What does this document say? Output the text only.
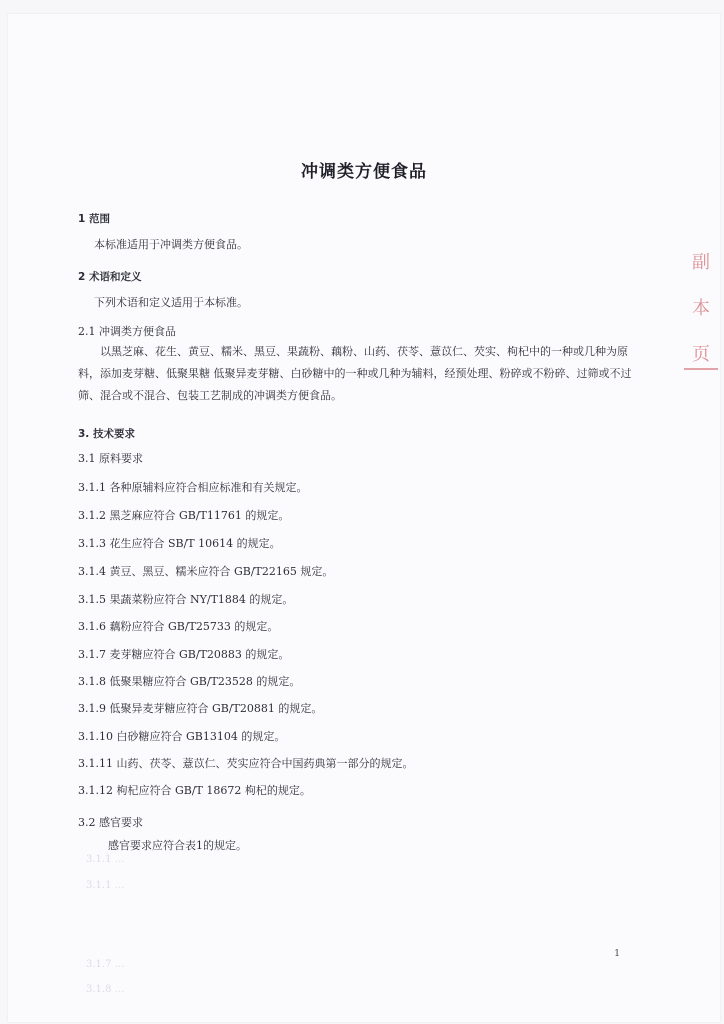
冲调类方便食品
1 范围
本标准适用于冲调类方便食品。
2 术语和定义
下列术语和定义适用于本标准。
2.1 冲调类方便食品
以黑芝麻、花生、黄豆、糯米、黑豆、果蔬粉、藕粉、山药、茯苓、薏苡仁、芡实、枸杞中的一种或几种为原料，添加麦芽糖、低聚果糖 低聚异麦芽糖、白砂糖中的一种或几种为辅料，经预处理、粉碎或不粉碎、过筛或不过筛、混合或不混合、包装工艺制成的冲调类方便食品。
3. 技术要求
3.1 原料要求
3.1.1 各种原辅料应符合相应标准和有关规定。
3.1.2 黑芝麻应符合 GB/T11761 的规定。
3.1.3 花生应符合 SB/T 10614 的规定。
3.1.4 黄豆、黑豆、糯米应符合 GB/T22165 规定。
3.1.5 果蔬菜粉应符合 NY/T1884 的规定。
3.1.6 藕粉应符合 GB/T25733 的规定。
3.1.7 麦芽糖应符合 GB/T20883 的规定。
3.1.8 低聚果糖应符合 GB/T23528 的规定。
3.1.9 低聚异麦芽糖应符合 GB/T20881 的规定。
3.1.10 白砂糖应符合 GB13104 的规定。
3.1.11 山药、茯苓、薏苡仁、芡实应符合中国药典第一部分的规定。
3.1.12 枸杞应符合 GB/T 18672 枸杞的规定。
3.2 感官要求
感官要求应符合表1的规定。
3.1.1 …
3.1.1 …
3.1.7 …
3.1.8 …
1
副 本 页
